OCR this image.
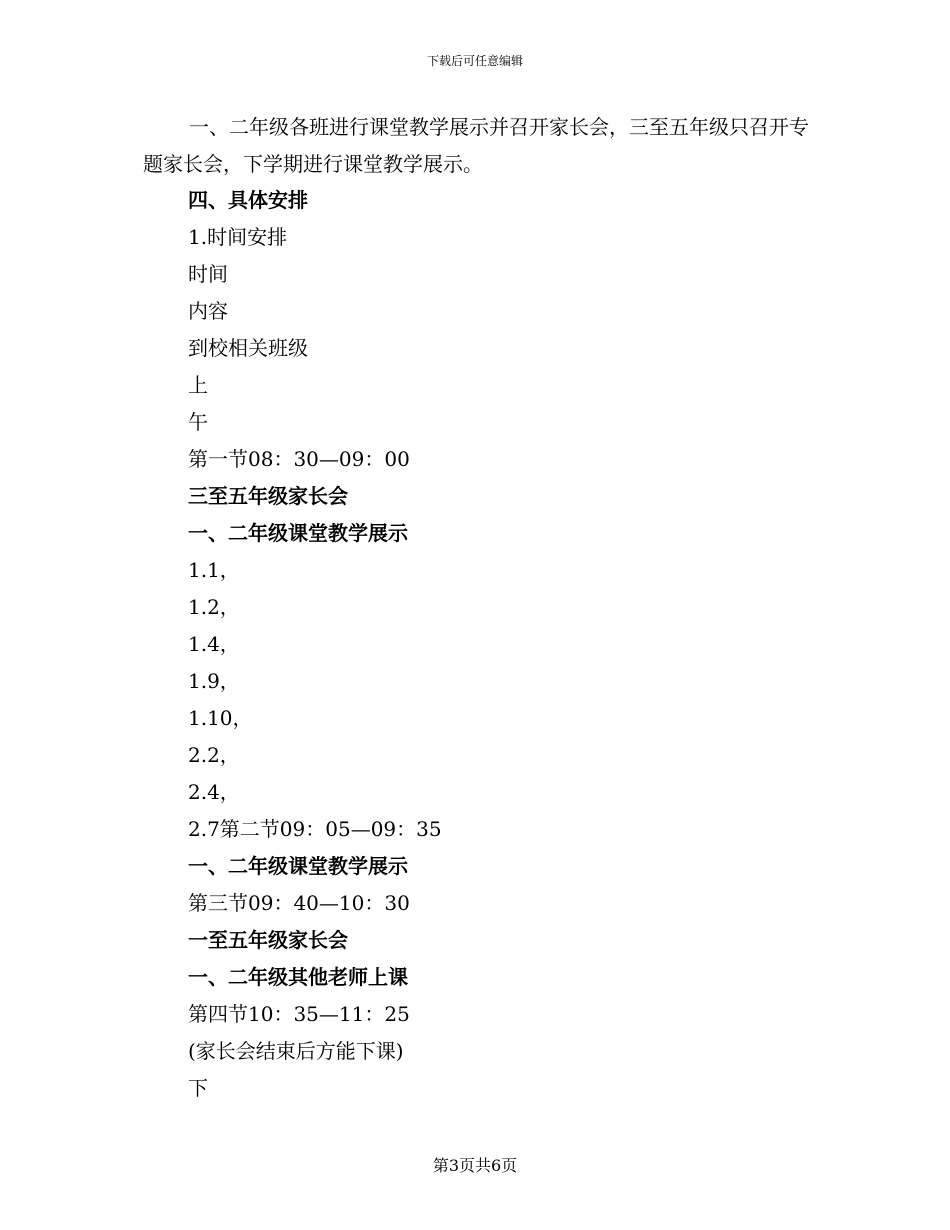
下载后可任意编辑

一、二年级各班进行课堂教学展示并召开家长会，三至五年级只召开专题家长会，下学期进行课堂教学展示。

四、具体安排
1.时间安排
时间
内容
到校相关班级
上
午
第一节08：30—09：00
三至五年级家长会
一、二年级课堂教学展示
1.1，
1.2，
1.4，
1.9，
1.10，
2.2，
2.4，
2.7第二节09：05—09：35
一、二年级课堂教学展示
第三节09：40—10：30
一至五年级家长会
一、二年级其他老师上课
第四节10：35—11：25
(家长会结束后方能下课)
下
第3页共6页
